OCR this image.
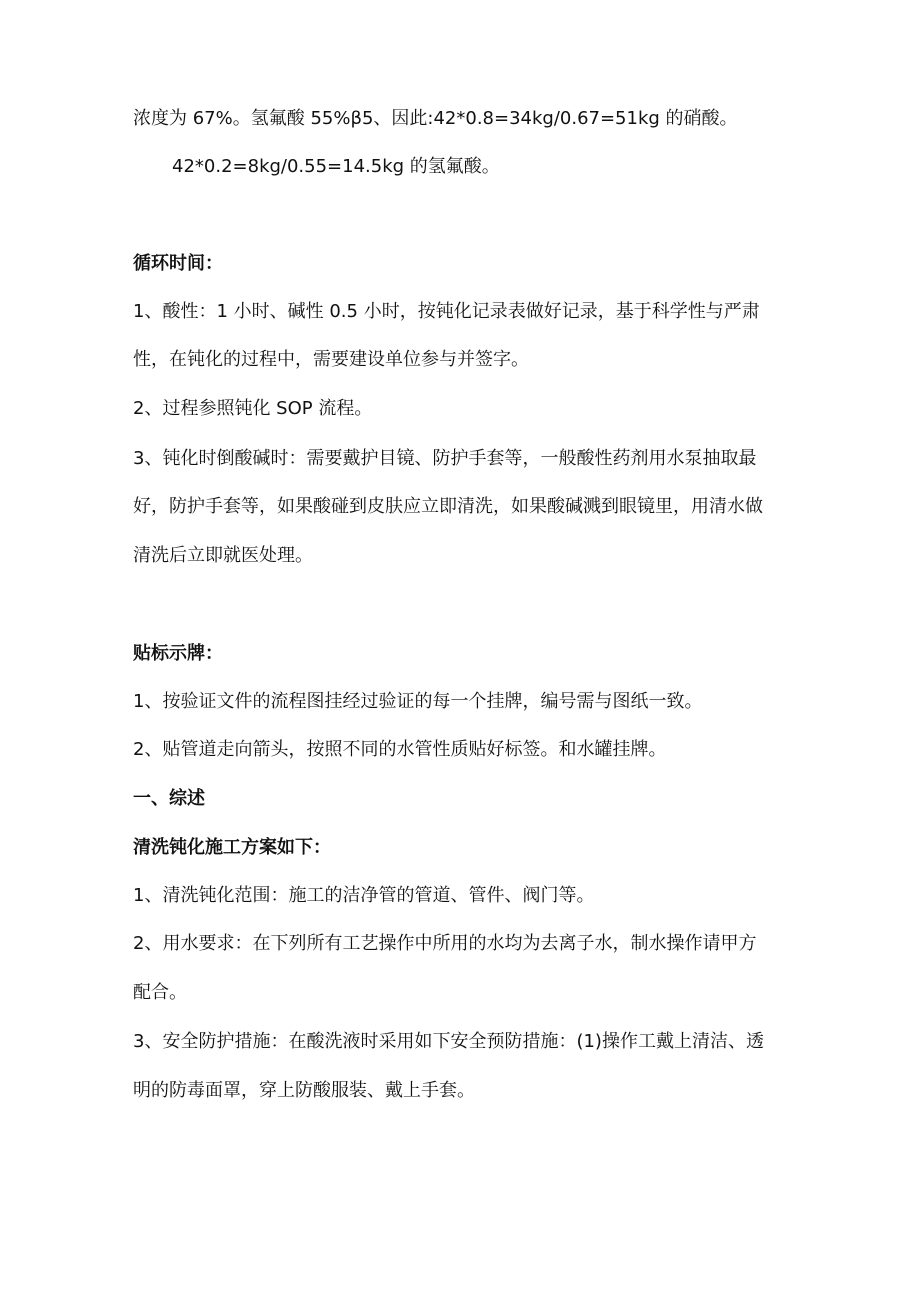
浓度为 67%。氢氟酸 55%β5、因此:42*0.8=34kg/0.67=51kg 的硝酸。
42*0.2=8kg/0.55=14.5kg 的氢氟酸。
循环时间：
1、酸性：1 小时、碱性 0.5 小时，按钝化记录表做好记录，基于科学性与严肃
性，在钝化的过程中，需要建设单位参与并签字。
2、过程参照钝化 SOP 流程。
3、钝化时倒酸碱时：需要戴护目镜、防护手套等，一般酸性药剂用水泵抽取最
好，防护手套等，如果酸碰到皮肤应立即清洗，如果酸碱溅到眼镜里，用清水做
清洗后立即就医处理。
贴标示牌：
1、按验证文件的流程图挂经过验证的每一个挂牌，编号需与图纸一致。
2、贴管道走向箭头，按照不同的水管性质贴好标签。和水罐挂牌。
一、综述
清洗钝化施工方案如下：
1、清洗钝化范围：施工的洁净管的管道、管件、阀门等。
2、用水要求：在下列所有工艺操作中所用的水均为去离子水，制水操作请甲方
配合。
3、安全防护措施：在酸洗液时采用如下安全预防措施：(1)操作工戴上清洁、透
明的防毒面罩，穿上防酸服装、戴上手套。
